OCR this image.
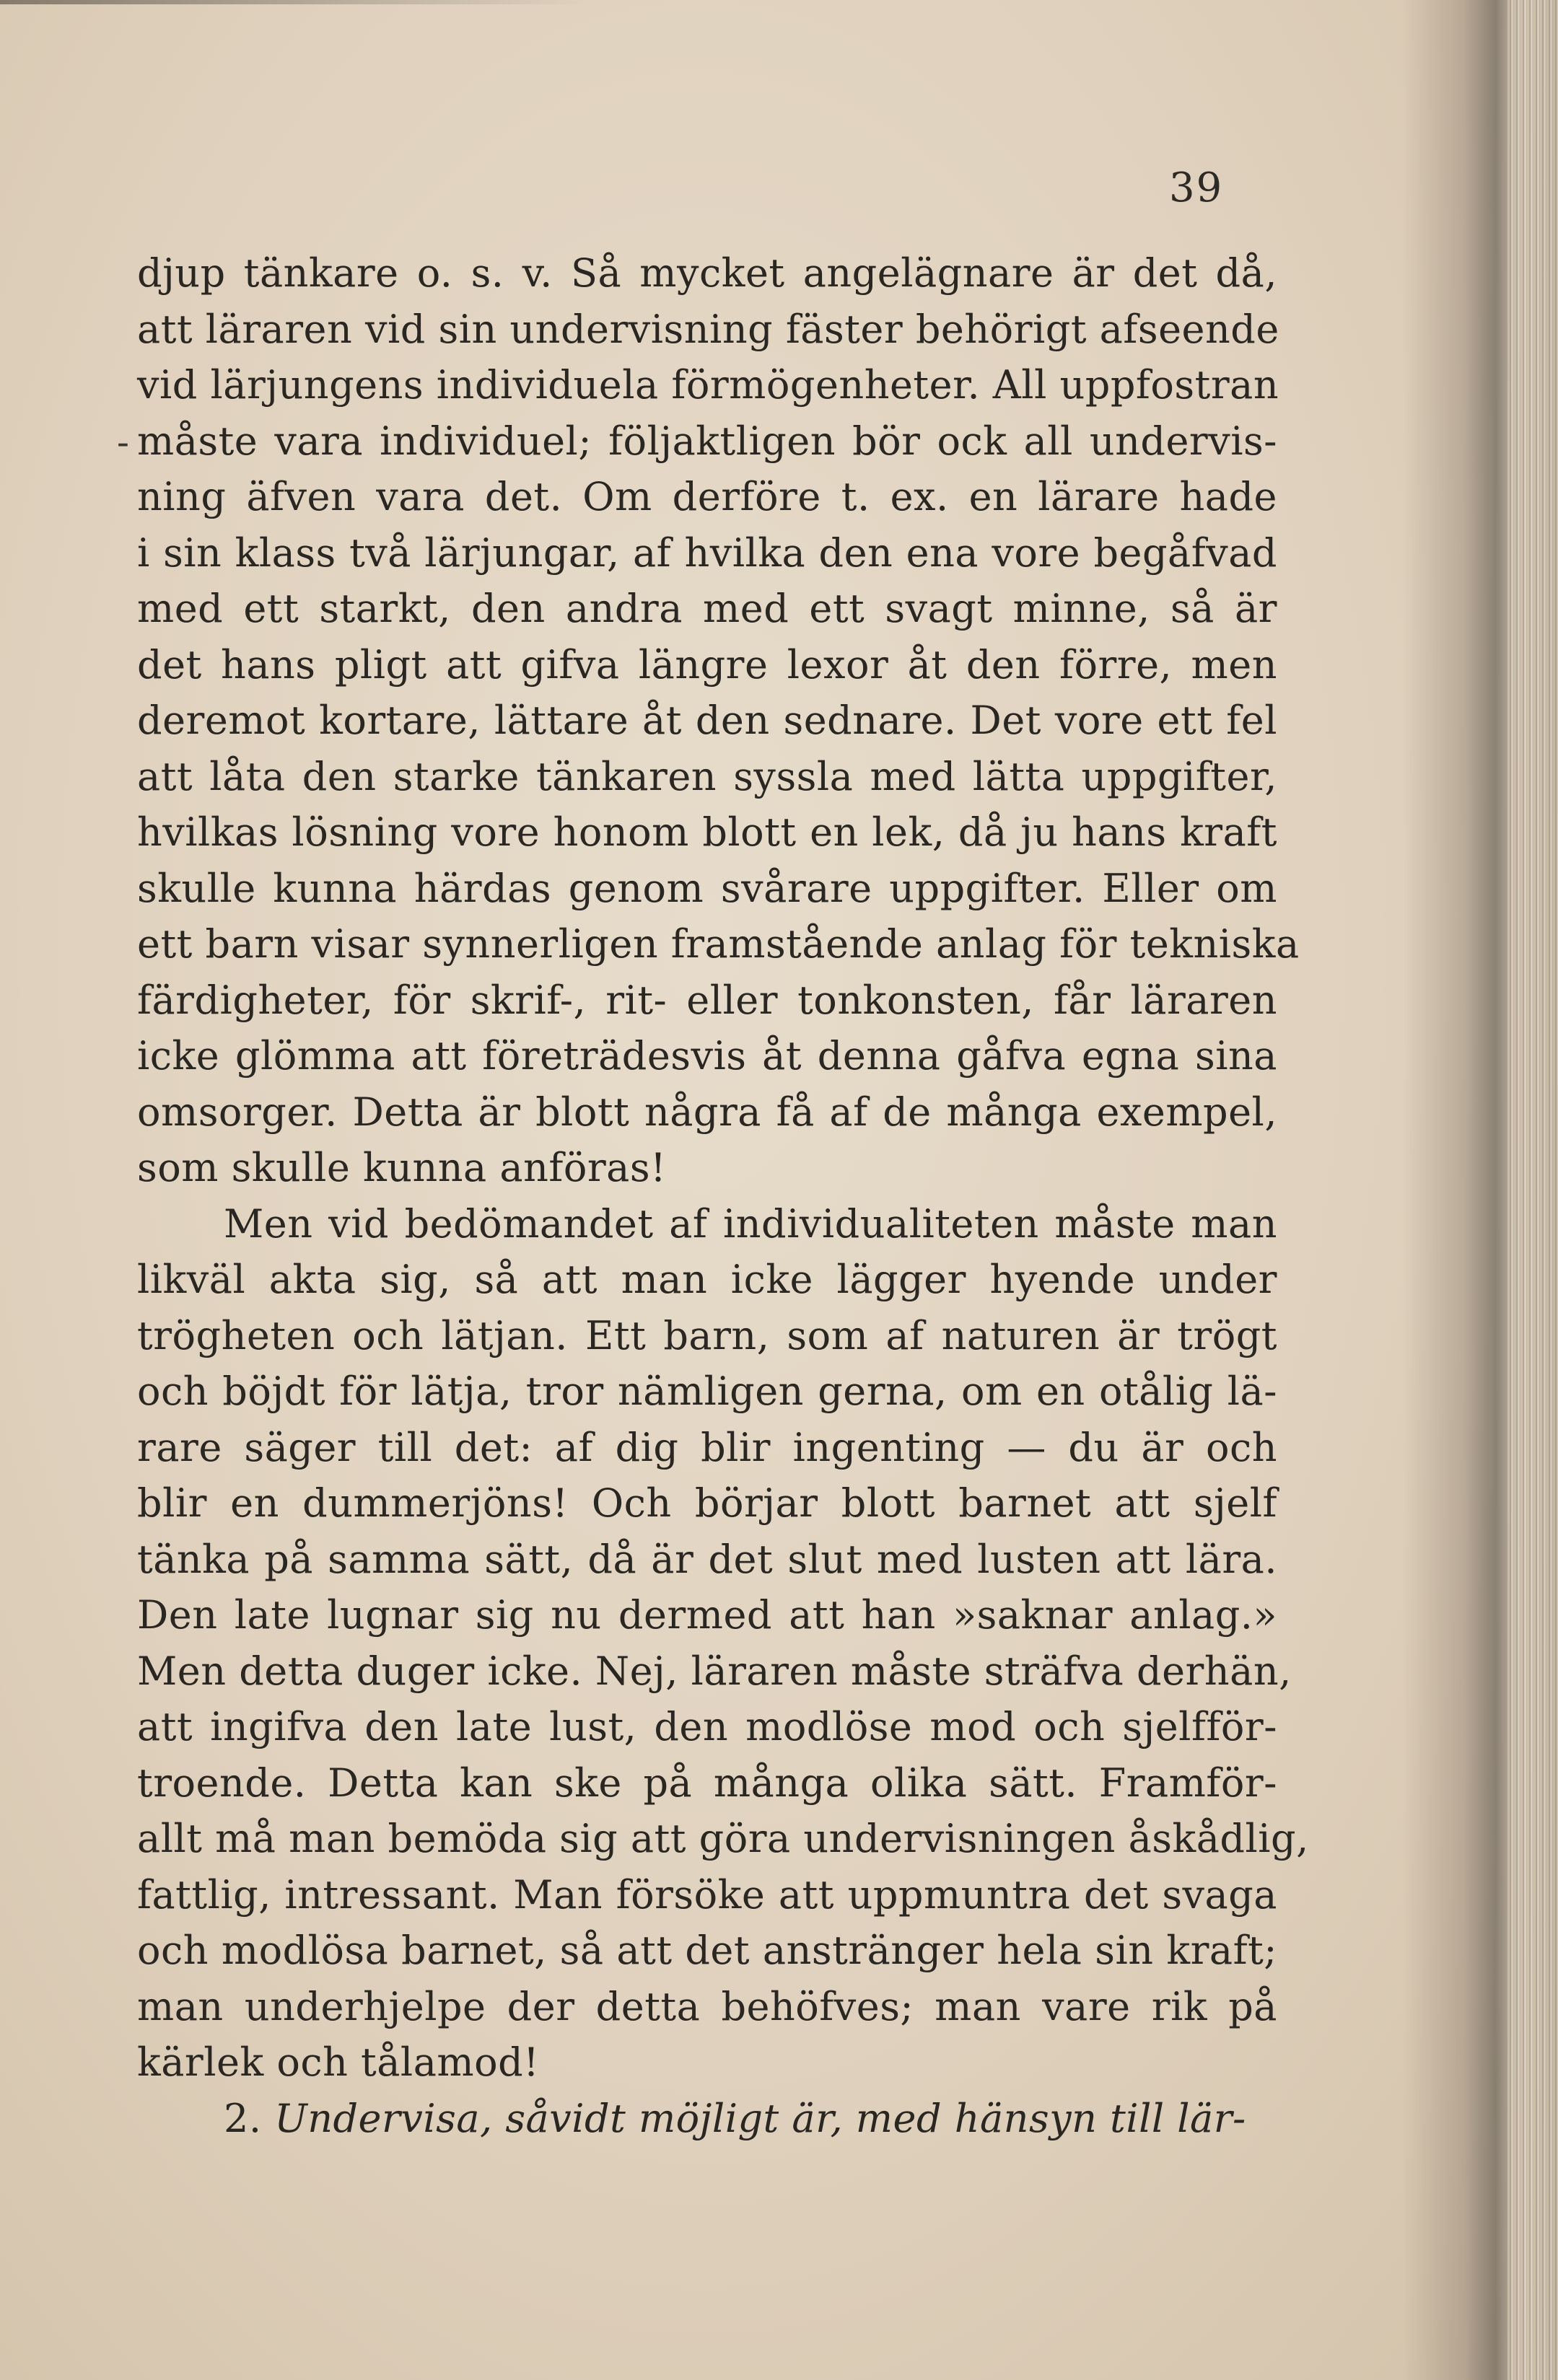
39
-
djup tänkare o. s. v. Så mycket angelägnare är det då,
att läraren vid sin undervisning fäster behörigt afseende
vid lärjungens individuela förmögenheter. All uppfostran
måste vara individuel; följaktligen bör ock all undervis-
ning äfven vara det. Om derföre t. ex. en lärare hade
i sin klass två lärjungar, af hvilka den ena vore begåfvad
med ett starkt, den andra med ett svagt minne, så är
det hans pligt att gifva längre lexor åt den förre, men
deremot kortare, lättare åt den sednare. Det vore ett fel
att låta den starke tänkaren syssla med lätta uppgifter,
hvilkas lösning vore honom blott en lek, då ju hans kraft
skulle kunna härdas genom svårare uppgifter. Eller om
ett barn visar synnerligen framstående anlag för tekniska
färdigheter, för skrif-, rit- eller tonkonsten, får läraren
icke glömma att företrädesvis åt denna gåfva egna sina
omsorger. Detta är blott några få af de många exempel,
som skulle kunna anföras!
Men vid bedömandet af individualiteten måste man
likväl akta sig, så att man icke lägger hyende under
trögheten och lätjan. Ett barn, som af naturen är trögt
och böjdt för lätja, tror nämligen gerna, om en otålig lä-
rare säger till det: af dig blir ingenting — du är och
blir en dummerjöns! Och börjar blott barnet att sjelf
tänka på samma sätt, då är det slut med lusten att lära.
Den late lugnar sig nu dermed att han »saknar anlag.»
Men detta duger icke. Nej, läraren måste sträfva derhän,
att ingifva den late lust, den modlöse mod och sjelfför-
troende. Detta kan ske på många olika sätt. Framför-
allt må man bemöda sig att göra undervisningen åskådlig,
fattlig, intressant. Man försöke att uppmuntra det svaga
och modlösa barnet, så att det anstränger hela sin kraft;
man underhjelpe der detta behöfves; man vare rik på
kärlek och tålamod!
2. Undervisa, såvidt möjligt är, med hänsyn till lär-
